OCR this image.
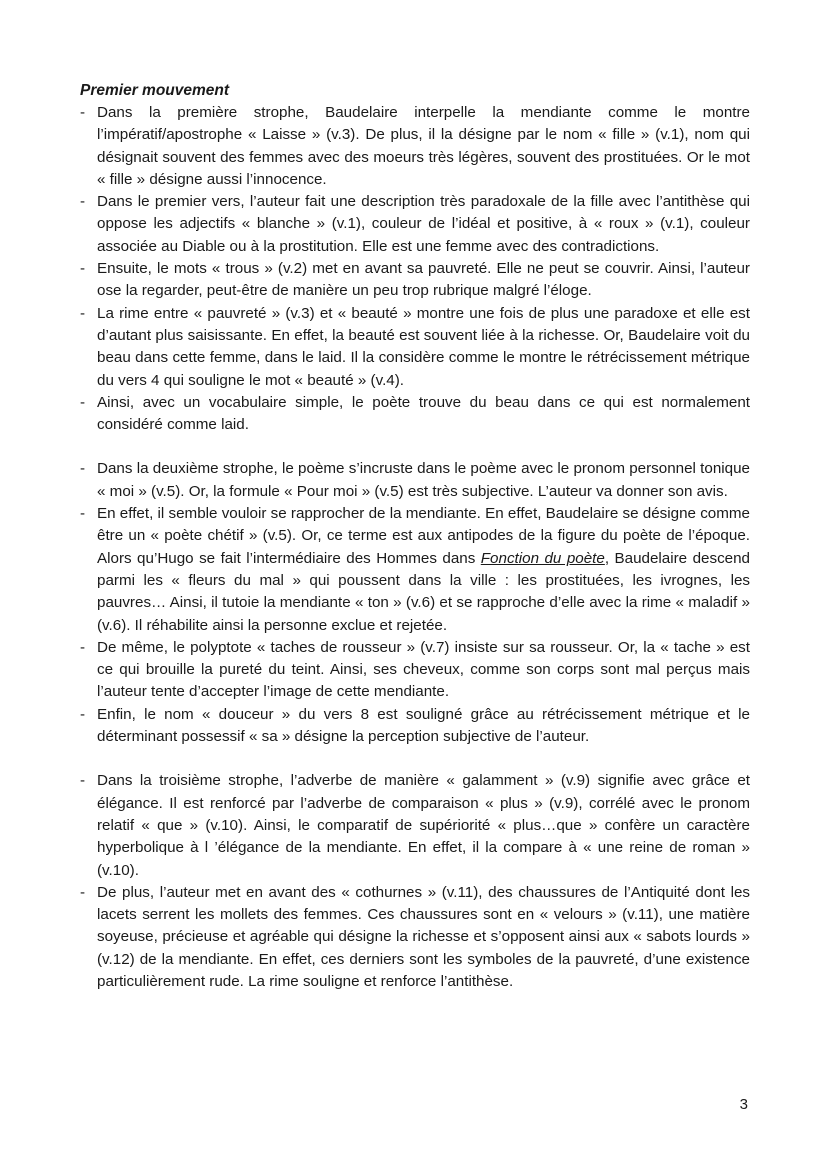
Premier mouvement

- Dans la première strophe, Baudelaire interpelle la mendiante comme le montre l’impératif/apostrophe « Laisse » (v.3). De plus, il la désigne par le nom « fille » (v.1), nom qui désignait souvent des femmes avec des moeurs très légères, souvent des prostituées. Or le mot « fille » désigne aussi l’innocence.
- Dans le premier vers, l’auteur fait une description très paradoxale de la fille avec l’antithèse qui oppose les adjectifs « blanche » (v.1), couleur de l’idéal et positive, à « roux » (v.1), couleur associée au Diable ou à la prostitution. Elle est une femme avec des contradictions.
- Ensuite, le mots « trous » (v.2) met en avant sa pauvreté. Elle ne peut se couvrir. Ainsi, l’auteur ose la regarder, peut-être de manière un peu trop rubrique malgré l’éloge.
- La rime entre « pauvreté » (v.3) et « beauté » montre une fois de plus une paradoxe et elle est d’autant plus saisissante. En effet, la beauté est souvent liée à la richesse. Or, Baudelaire voit du beau dans cette femme, dans le laid. Il la considère comme le montre le rétrécissement métrique du vers 4 qui souligne le mot « beauté » (v.4).
- Ainsi, avec un vocabulaire simple, le poète trouve du beau dans ce qui est normalement considéré comme laid.
- Dans la deuxième strophe, le poème s’incruste dans le poème avec le pronom personnel tonique « moi » (v.5). Or, la formule « Pour moi » (v.5) est très subjective. L’auteur va donner son avis.
- En effet, il semble vouloir se rapprocher de la mendiante. En effet, Baudelaire se désigne comme être un « poète chétif » (v.5). Or, ce terme est aux antipodes de la figure du poète de l’époque. Alors qu’Hugo se fait l’intermédiaire des Hommes dans Fonction du poète, Baudelaire descend parmi les « fleurs du mal » qui poussent dans la ville : les prostituées, les ivrognes, les pauvres… Ainsi, il tutoie la mendiante « ton » (v.6) et se rapproche d’elle avec la rime « maladif » (v.6). Il réhabilite ainsi la personne exclue et rejetée.
- De même, le polyptote « taches de rousseur » (v.7) insiste sur sa rousseur. Or, la « tache » est ce qui brouille la pureté du teint. Ainsi, ses cheveux, comme son corps sont mal perçus mais l’auteur tente d’accepter l’image de cette mendiante.
- Enfin, le nom « douceur » du vers 8 est souligné grâce au rétrécissement métrique et le déterminant possessif « sa » désigne la perception subjective de l’auteur.
- Dans la troisième strophe, l’adverbe de manière « galamment » (v.9) signifie avec grâce et élégance. Il est renforcé par l’adverbe de comparaison « plus » (v.9), corrélé avec le pronom relatif « que » (v.10). Ainsi, le comparatif de supériorité « plus…que » confère un caractère hyperbolique à l ’élégance de la mendiante. En effet, il la compare à « une reine de roman » (v.10).
- De plus, l’auteur met en avant des « cothurnes » (v.11), des chaussures de l’Antiquité dont les lacets serrent les mollets des femmes. Ces chaussures sont en « velours » (v.11), une matière soyeuse, précieuse et agréable qui désigne la richesse et s’opposent ainsi aux « sabots lourds » (v.12) de la mendiante. En effet, ces derniers sont les symboles de la pauvreté, d’une existence particulièrement rude. La rime souligne et renforce l’antithèse.
3
